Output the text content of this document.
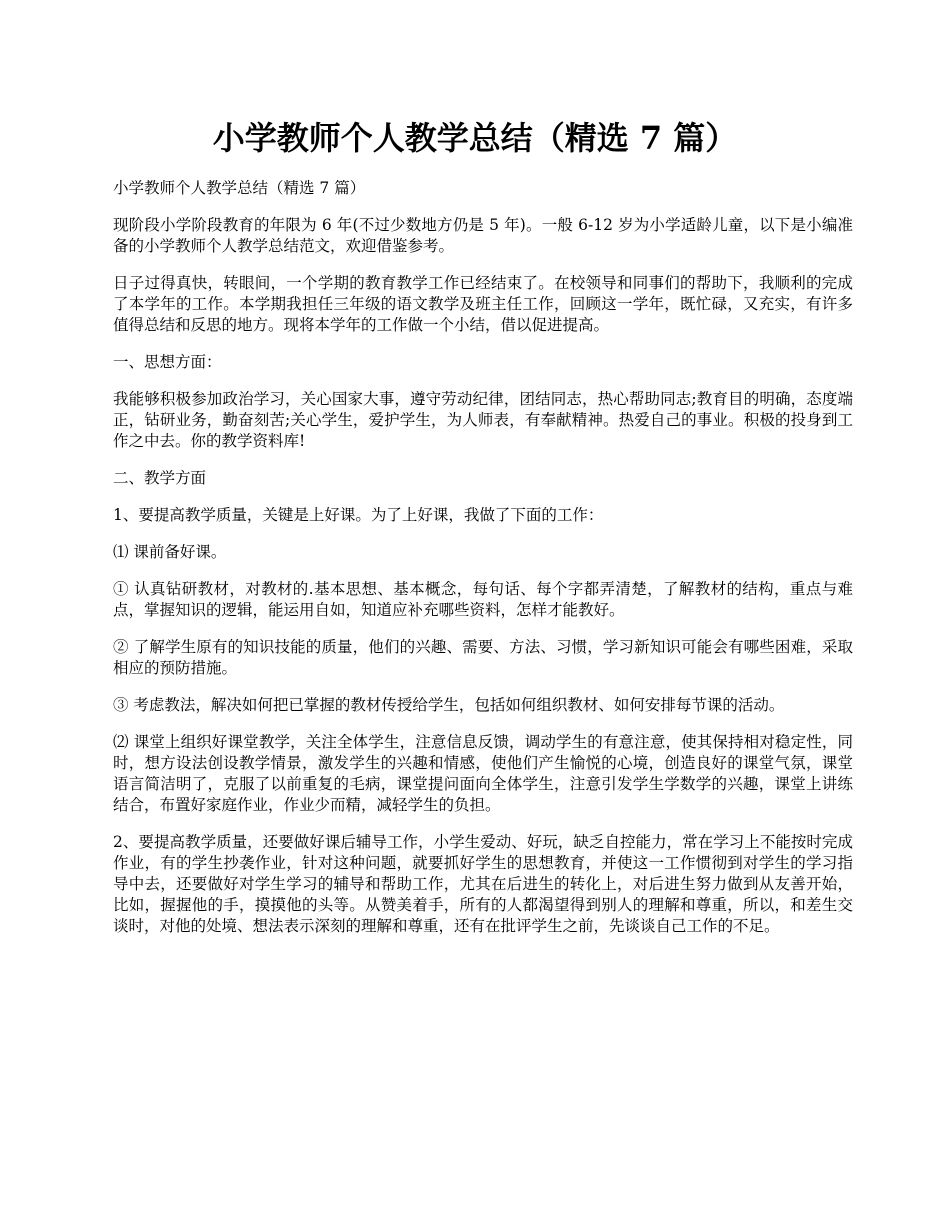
小学教师个人教学总结（精选 7 篇）

小学教师个人教学总结（精选 7 篇）

现阶段小学阶段教育的年限为 6 年(不过少数地方仍是 5 年)。一般 6-12 岁为小学适龄儿童，以下是小编准备的小学教师个人教学总结范文，欢迎借鉴参考。

日子过得真快，转眼间，一个学期的教育教学工作已经结束了。在校领导和同事们的帮助下，我顺利的完成了本学年的工作。本学期我担任三年级的语文教学及班主任工作，回顾这一学年，既忙碌，又充实，有许多值得总结和反思的地方。现将本学年的工作做一个小结，借以促进提高。

一、思想方面：

我能够积极参加政治学习，关心国家大事，遵守劳动纪律，团结同志，热心帮助同志;教育目的明确，态度端正，钻研业务，勤奋刻苦;关心学生，爱护学生，为人师表，有奉献精神。热爱自己的事业。积极的投身到工作之中去。你的教学资料库!

二、教学方面

1、要提高教学质量，关键是上好课。为了上好课，我做了下面的工作：

⑴ 课前备好课。

① 认真钻研教材，对教材的.基本思想、基本概念，每句话、每个字都弄清楚，了解教材的结构，重点与难点，掌握知识的逻辑，能运用自如，知道应补充哪些资料，怎样才能教好。

② 了解学生原有的知识技能的质量，他们的兴趣、需要、方法、习惯，学习新知识可能会有哪些困难，采取相应的预防措施。

③ 考虑教法，解决如何把已掌握的教材传授给学生，包括如何组织教材、如何安排每节课的活动。

⑵ 课堂上组织好课堂教学，关注全体学生，注意信息反馈，调动学生的有意注意，使其保持相对稳定性，同时，想方设法创设教学情景，激发学生的兴趣和情感，使他们产生愉悦的心境，创造良好的课堂气氛，课堂语言简洁明了，克服了以前重复的毛病，课堂提问面向全体学生，注意引发学生学数学的兴趣，课堂上讲练结合，布置好家庭作业，作业少而精，减轻学生的负担。

2、要提高教学质量，还要做好课后辅导工作，小学生爱动、好玩，缺乏自控能力，常在学习上不能按时完成作业，有的学生抄袭作业，针对这种问题，就要抓好学生的思想教育，并使这一工作惯彻到对学生的学习指导中去，还要做好对学生学习的辅导和帮助工作，尤其在后进生的转化上，对后进生努力做到从友善开始，比如，握握他的手，摸摸他的头等。从赞美着手，所有的人都渴望得到别人的理解和尊重，所以，和差生交谈时，对他的处境、想法表示深刻的理解和尊重，还有在批评学生之前，先谈谈自己工作的不足。
